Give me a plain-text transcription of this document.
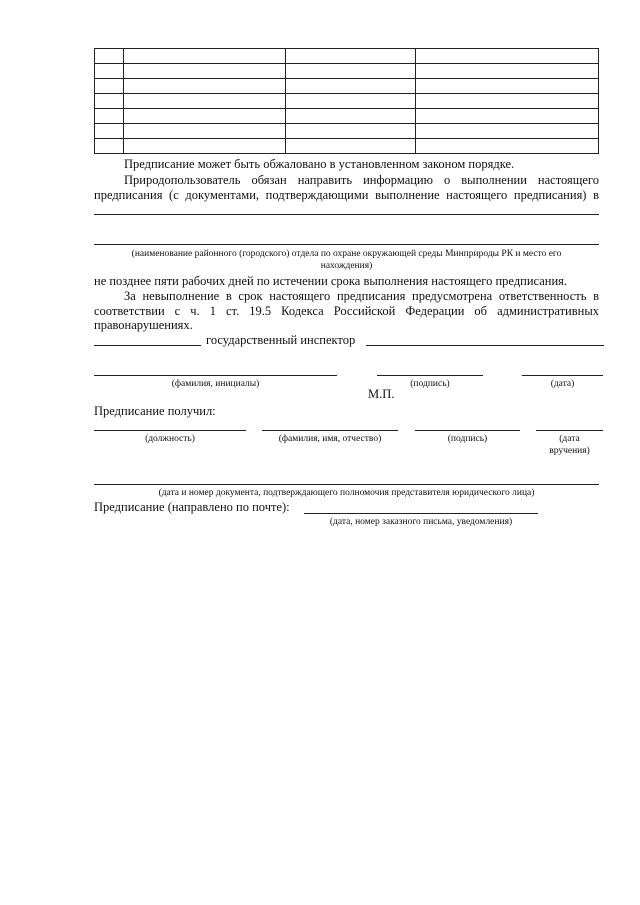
Предписание может быть обжаловано в установленном законом порядке.
Природопользователь обязан направить информацию о выполнении настоящего
предписания (с документами, подтверждающими выполнение настоящего предписания) в
(наименование районного (городского) отдела по охране окружающей среды Минприроды РК и место его
нахождения)
не позднее пяти рабочих дней по истечении срока выполнения настоящего предписания.
За невыполнение в срок настоящего предписания предусмотрена ответственность в
соответствии с ч. 1 ст. 19.5 Кодекса Российской Федерации об административных
правонарушениях.
государственный инспектор
(фамилия, инициалы)	(подпись)	(дата)
М.П.
Предписание получил:
(должность)	(фамилия, имя, отчество)	(подпись)	(дата
вручения)
(дата и номер документа, подтверждающего полномочия представителя юридического лица)
Предписание (направлено по почте):
(дата, номер заказного письма, уведомления)
